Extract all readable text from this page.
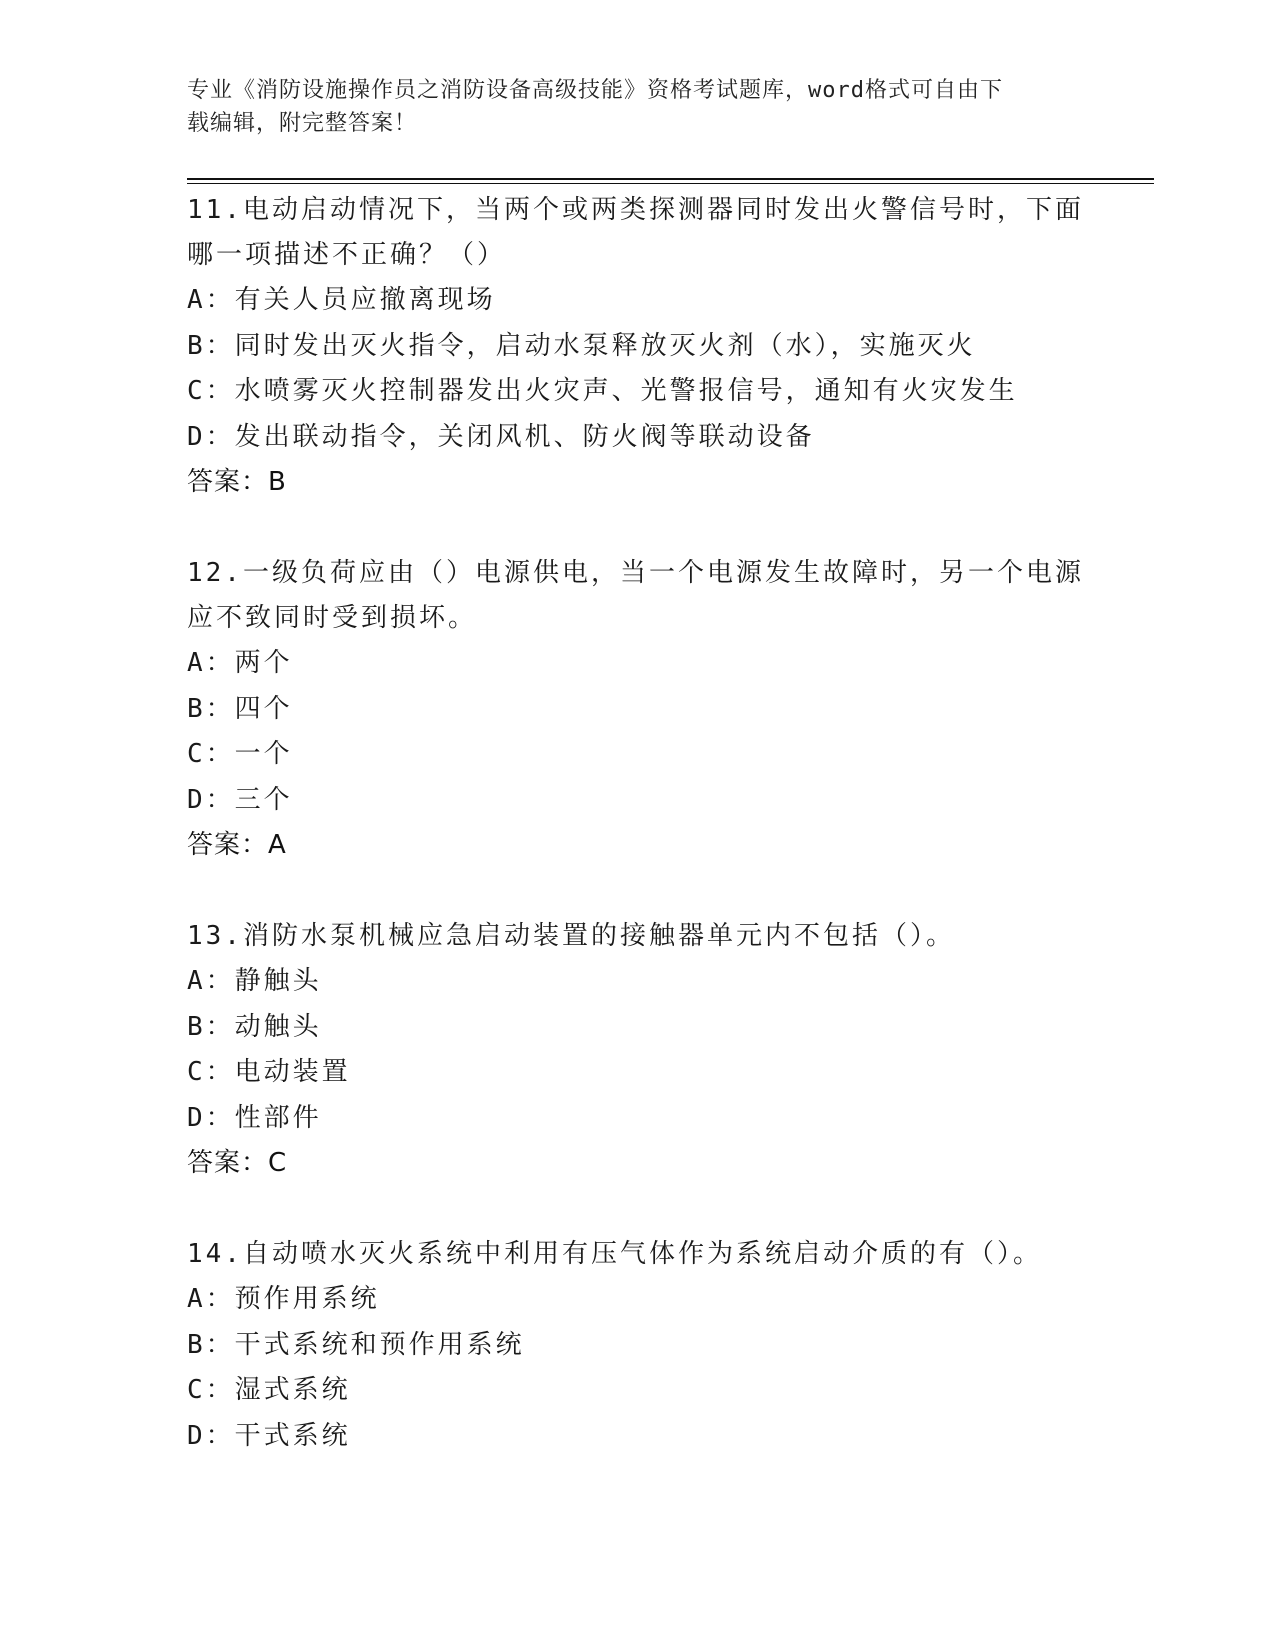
专业《消防设施操作员之消防设备高级技能》资格考试题库，word格式可自由下
载编辑，附完整答案！
11.电动启动情况下，当两个或两类探测器同时发出火警信号时，下面
哪一项描述不正确？（）
A：有关人员应撤离现场
B：同时发出灭火指令，启动水泵释放灭火剂（水），实施灭火
C：水喷雾灭火控制器发出火灾声、光警报信号，通知有火灾发生
D：发出联动指令，关闭风机、防火阀等联动设备
答案：B
12.一级负荷应由（）电源供电，当一个电源发生故障时，另一个电源
应不致同时受到损坏。
A：两个
B：四个
C：一个
D：三个
答案：A
13.消防水泵机械应急启动装置的接触器单元内不包括（）。
A：静触头
B：动触头
C：电动装置
D：性部件
答案：C
14.自动喷水灭火系统中利用有压气体作为系统启动介质的有（）。
A：预作用系统
B：干式系统和预作用系统
C：湿式系统
D：干式系统
